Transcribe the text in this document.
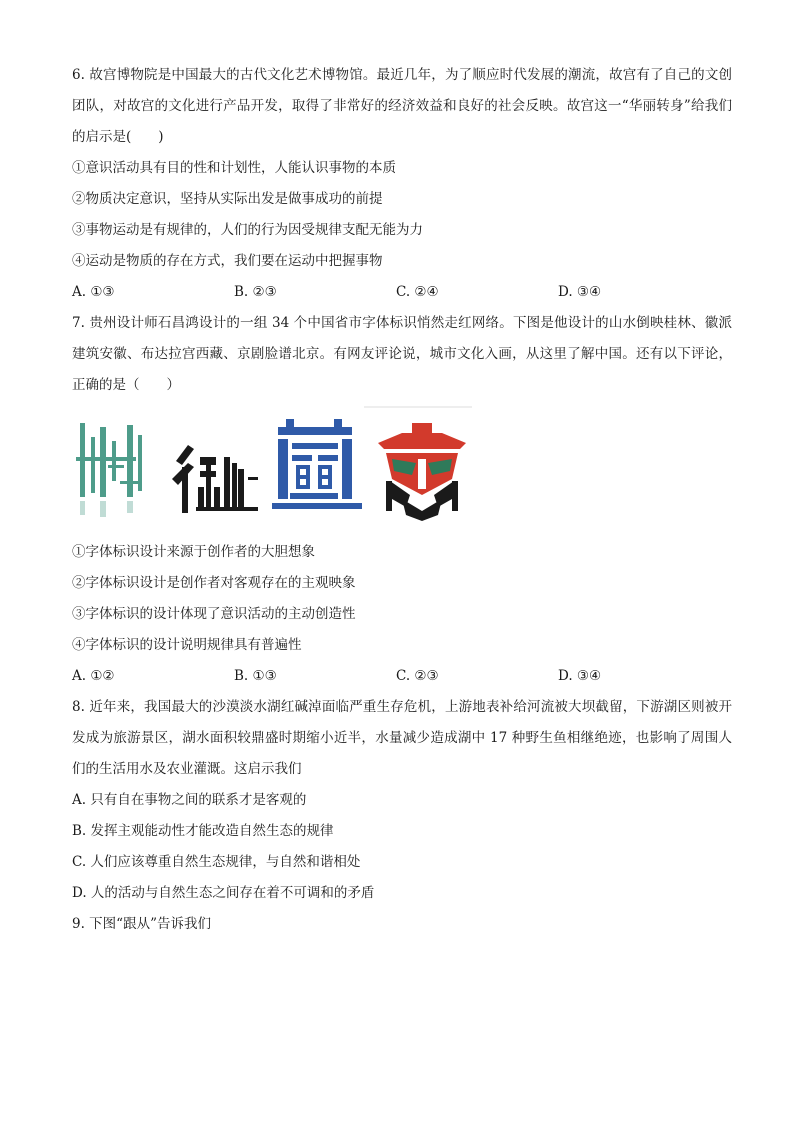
6. 故宫博物院是中国最大的古代文化艺术博物馆。最近几年，为了顺应时代发展的潮流，故宫有了自己的文创团队，对故宫的文化进行产品开发，取得了非常好的经济效益和良好的社会反映。故宫这一“华丽转身”给我们的启示是(　　)
①意识活动具有目的性和计划性，人能认识事物的本质
②物质决定意识，坚持从实际出发是做事成功的前提
③事物运动是有规律的，人们的行为因受规律支配无能为力
④运动是物质的存在方式，我们要在运动中把握事物
A. ①③	B. ②③	C. ②④	D. ③④
7. 贵州设计师石昌鸿设计的一组 34 个中国省市字体标识悄然走红网络。下图是他设计的山水倒映桂林、徽派建筑安徽、布达拉宫西藏、京剧脸谱北京。有网友评论说，城市文化入画，从这里了解中国。还有以下评论，正确的是（　　）
①字体标识设计来源于创作者的大胆想象
②字体标识设计是创作者对客观存在的主观映象
③字体标识的设计体现了意识活动的主动创造性
④字体标识的设计说明规律具有普遍性
A. ①②	B. ①③	C. ②③	D. ③④
8. 近年来，我国最大的沙漠淡水湖红碱淖面临严重生存危机，上游地表补给河流被大坝截留，下游湖区则被开发成为旅游景区，湖水面积较鼎盛时期缩小近半，水量减少造成湖中 17 种野生鱼相继绝迹，也影响了周围人们的生活用水及农业灌溉。这启示我们
A. 只有自在事物之间的联系才是客观的
B. 发挥主观能动性才能改造自然生态的规律
C. 人们应该尊重自然生态规律，与自然和谐相处
D. 人的活动与自然生态之间存在着不可调和的矛盾
9. 下图“跟从”告诉我们
